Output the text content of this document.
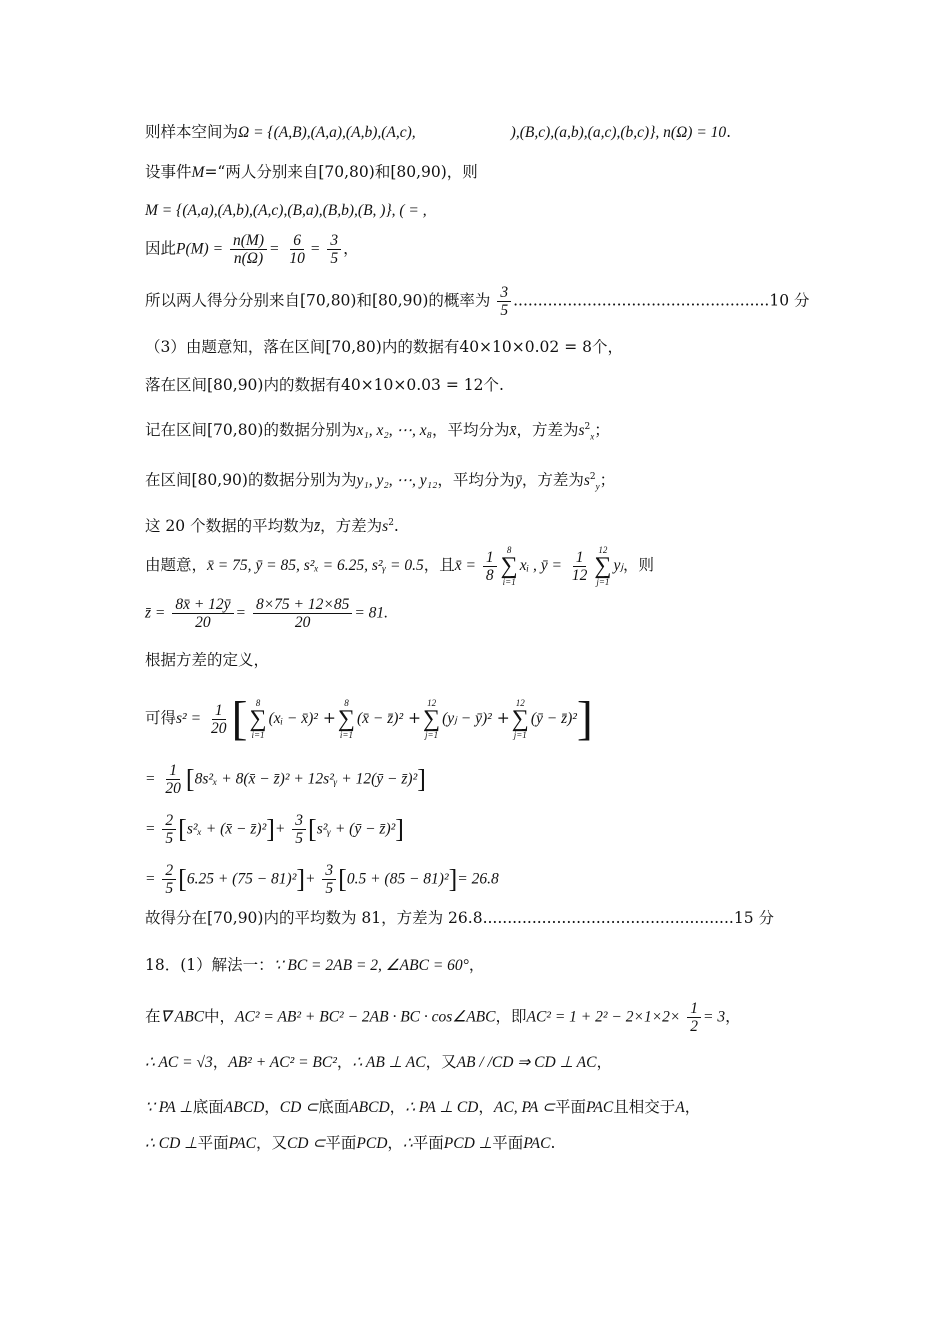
则样本空间为Ω = {(A,B),(A,a),(A,b),(A,c),	),(B,c),(a,b),(a,c),(b,c)}, n(Ω) = 10.
设事件M=“两人分别来自[70,80)和[80,90)，则
M = {(A,a),(A,b),(A,c),(B,a),(B,b),(B, )}, ( = ,
因此$P(M) = \frac{n(M)}{n(\Omega)} = \frac{6}{10} = \frac{3}{5}$ ，
所以两人得分分别来自[70,80)和[80,90)的概率为 $\frac{3}{5} ....................................................10$ 分
（3）由题意知，落在区间[70,80)内的数据有40×10×0.02 = 8个，
落在区间[80,90)内的数据有40×10×0.03 = 12个.
记在区间[70,80)的数据分别为x₁, x₂, ⋯, x₈，平均分为x̄，方差为$s^2_x$；
在区间[80,90)的数据分别为为y₁, y₂, ⋯, y₁₂，平均分为ȳ，方差为$s^2_y$；
这 20 个数据的平均数为z̄，方差为$s^2$.
由题意，x̄ = 75, ȳ = 85, s²ₓ = 6.25, s²ᵧ = 0.5，且x̄ = $\frac{1}{8} 8$
∑
i=1
xᵢ , ȳ = $\frac{1}{12} 12$
∑
j=1
yⱼ，则
z̄ = $\frac{8x̄ + 12ȳ}{20} = \frac{8\times 75 + 12\times 85}{20} = 81$.
根据方差的定义，
可得$s^2 = \frac{1}{20}$ [ 8
∑
i=1
(xᵢ − x̄)² +
8
∑
i=1
(x̄ − z̄)² +
12
∑
j=1
(yⱼ − ȳ)² +
12
∑
j=1
(ȳ − z̄)²]
= $\frac{1}{20} [8s^2_x$ + 8(x̄ − z̄)² + 12s²ᵧ + 12(ȳ − z̄)²]
= $\frac{2}{5} [s^2_x$ + (x̄ − z̄)²]+ $\frac{3}{5}$ [s²ᵧ + (ȳ − z̄)²]
= $\frac{2}{5} [6.25 + (75 - 81)^2]+ \frac{3}{5} [0.5 + (85 - 81)^2]= 26.8$
故得分在[70,90)内的平均数为 81，方差为 26.8...................................................15 分
18．(1）解法一：∵ BC = 2AB = 2, ∠ABC = 60°，
在∇ ABC中，AC² = AB² + BC² − 2AB · BC · cos∠ABC，即$AC^2 = 1 + 2^2 - 2\times 1\times 2\times \frac{1}{2} = 3$，
∴ AC = √3，AB² + AC² = BC²，∴ AB ⊥ AC，又AB / /CD ⇒ CD ⊥ AC，
∵ PA ⊥底面ABCD，CD ⊂底面ABCD，∴ PA ⊥ CD，AC, PA ⊂平面PAC且相交于A，
∴ CD ⊥平面PAC，又CD ⊂平面PCD，∴平面PCD ⊥平面PAC.
